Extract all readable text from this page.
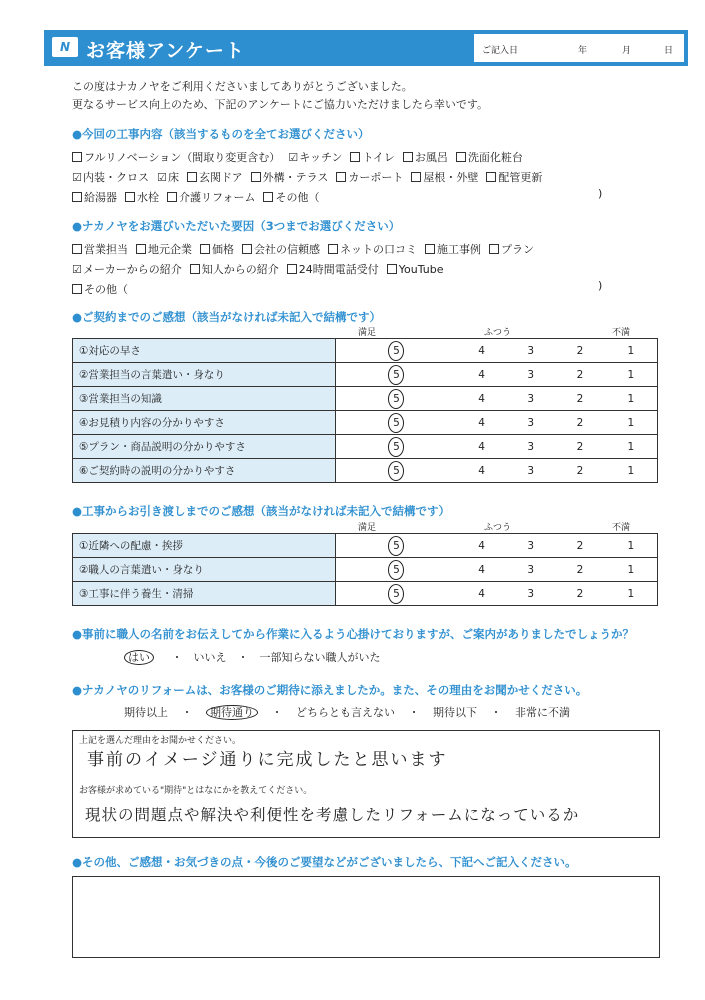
N お客様アンケート	ご記入日	年	月	日
この度はナカノヤをご利用くださいましてありがとうございました。
更なるサービス向上のため、下記のアンケートにご協力いただけましたら幸いです。
●今回の工事内容（該当するものを全てお選びください）
フルリノベーション（間取り変更含む） ☑キッチン トイレ お風呂 洗面化粧台
☑内装・クロス ☑床 玄関ドア 外構・テラス カーポート 屋根・外壁 配管更新
給湯器 水栓 介護リフォーム その他（	)
●ナカノヤをお選びいただいた要因（3つまでお選びください）
営業担当 地元企業 価格 会社の信頼感 ネットの口コミ 施工事例 プラン
☑メーカーからの紹介 知人からの紹介 24時間電話受付 YouTube
その他（	)
●ご契約までのご感想（該当がなければ未記入で結構です）
満足	ふつう	不満
①対応の早さ	5	4	3	2	1
②営業担当の言葉遣い・身なり	5	4	3	2	1
③営業担当の知識	5	4	3	2	1
④お見積り内容の分かりやすさ	5	4	3	2	1
⑤プラン・商品説明の分かりやすさ	5	4	3	2	1
⑥ご契約時の説明の分かりやすさ	5	4	3	2	1
●工事からお引き渡しまでのご感想（該当がなければ未記入で結構です）
満足	ふつう	不満
①近隣への配慮・挨拶	5	4	3	2	1
②職人の言葉遣い・身なり	5	4	3	2	1
③工事に伴う養生・清掃	5	4	3	2	1
●事前に職人の名前をお伝えしてから作業に入るよう心掛けておりますが、ご案内がありましたでしょうか？
はい ・　いいえ　・　一部知らない職人がいた
●ナカノヤのリフォームは、お客様のご期待に添えましたか。また、その理由をお聞かせください。
期待以上 ・ 期待通り ・ どちらとも言えない ・ 期待以下 ・ 非常に不満
上記を選んだ理由をお聞かせください。
事前のイメージ通りに完成したと思います
お客様が求めている"期待"とはなにかを教えてください。
現状の問題点や解決や利便性を考慮したリフォームになっているか
●その他、ご感想・お気づきの点・今後のご要望などがございましたら、下記へご記入ください。
